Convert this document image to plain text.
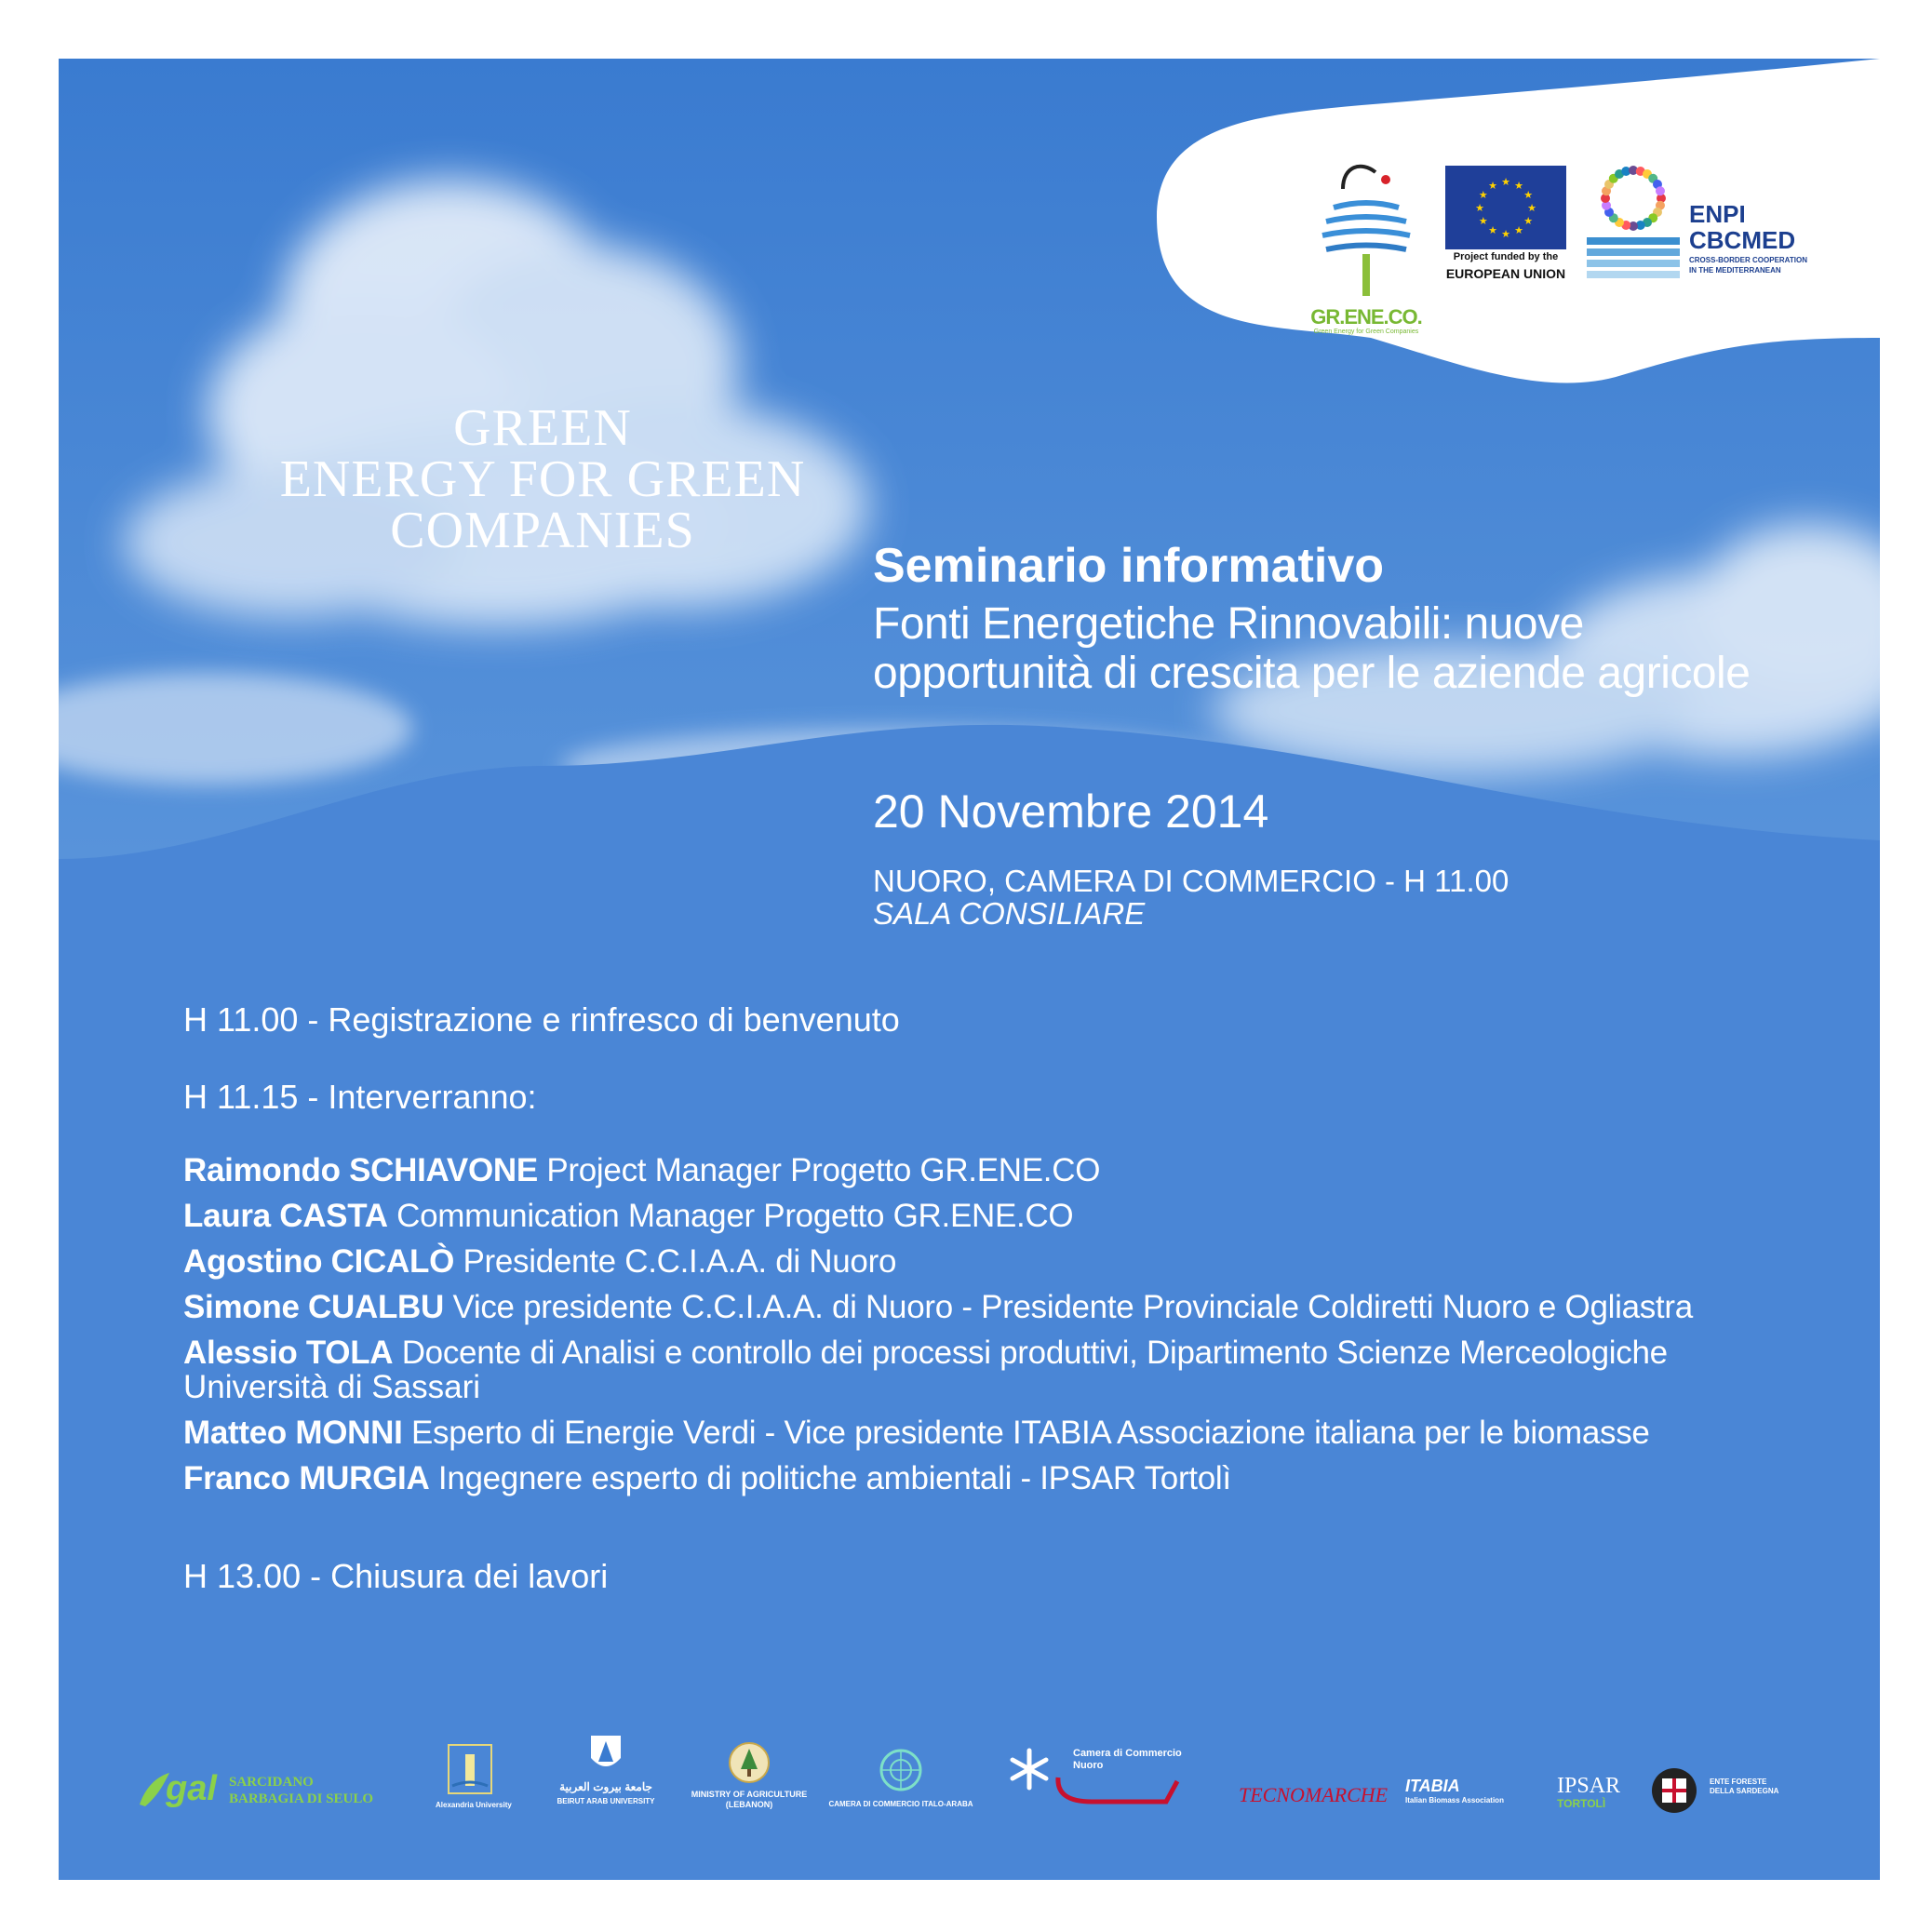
GR.ENE.CO.
Green Energy for Green Companies
★
★
★
★
★
★
★
★
★ ★ ★
★
Project funded by the
EUROPEAN UNION
ENPI
CBCMED
CROSS-BORDER COOPERATION
IN THE MEDITERRANEAN
GREEN
ENERGY FOR GREEN
COMPANIES
Seminario informativo
Fonti Energetiche Rinnovabili: nuove
opportunità di crescita per le aziende agricole
20 Novembre 2014
NUORO, CAMERA DI COMMERCIO - H 11.00
SALA CONSILIARE
H 11.00 - Registrazione e rinfresco di benvenuto
H 11.15 - Interverranno:
Raimondo SCHIAVONE Project Manager Progetto GR.ENE.CO
Laura CASTA Communication Manager Progetto GR.ENE.CO
Agostino CICALÒ Presidente C.C.I.A.A. di Nuoro
Simone CUALBU Vice presidente C.C.I.A.A. di Nuoro - Presidente Provinciale Coldiretti Nuoro e Ogliastra
Alessio TOLA Docente di Analisi e controllo dei processi produttivi, Dipartimento Scienze Merceologiche
Università di Sassari
Matteo MONNI Esperto di Energie Verdi - Vice presidente ITABIA Associazione italiana per le biomasse
Franco MURGIA Ingegnere esperto di politiche ambientali - IPSAR Tortolì
H 13.00 - Chiusura dei lavori
gal SARCIDANO
BARBAGIA DI SEULO	Alexandria University
جامعة بيروت العربية
BEIRUT ARAB UNIVERSITY
MINISTRY OF AGRICULTURE
(LEBANON)	CAMERA DI COMMERCIO ITALO-ARABA
Camera di Commercio
Nuoro
TECNOMARCHE ITABIA
Italian Biomass Association
IPSAR
TORTOLÌ
ENTE FORESTE
DELLA SARDEGNA
